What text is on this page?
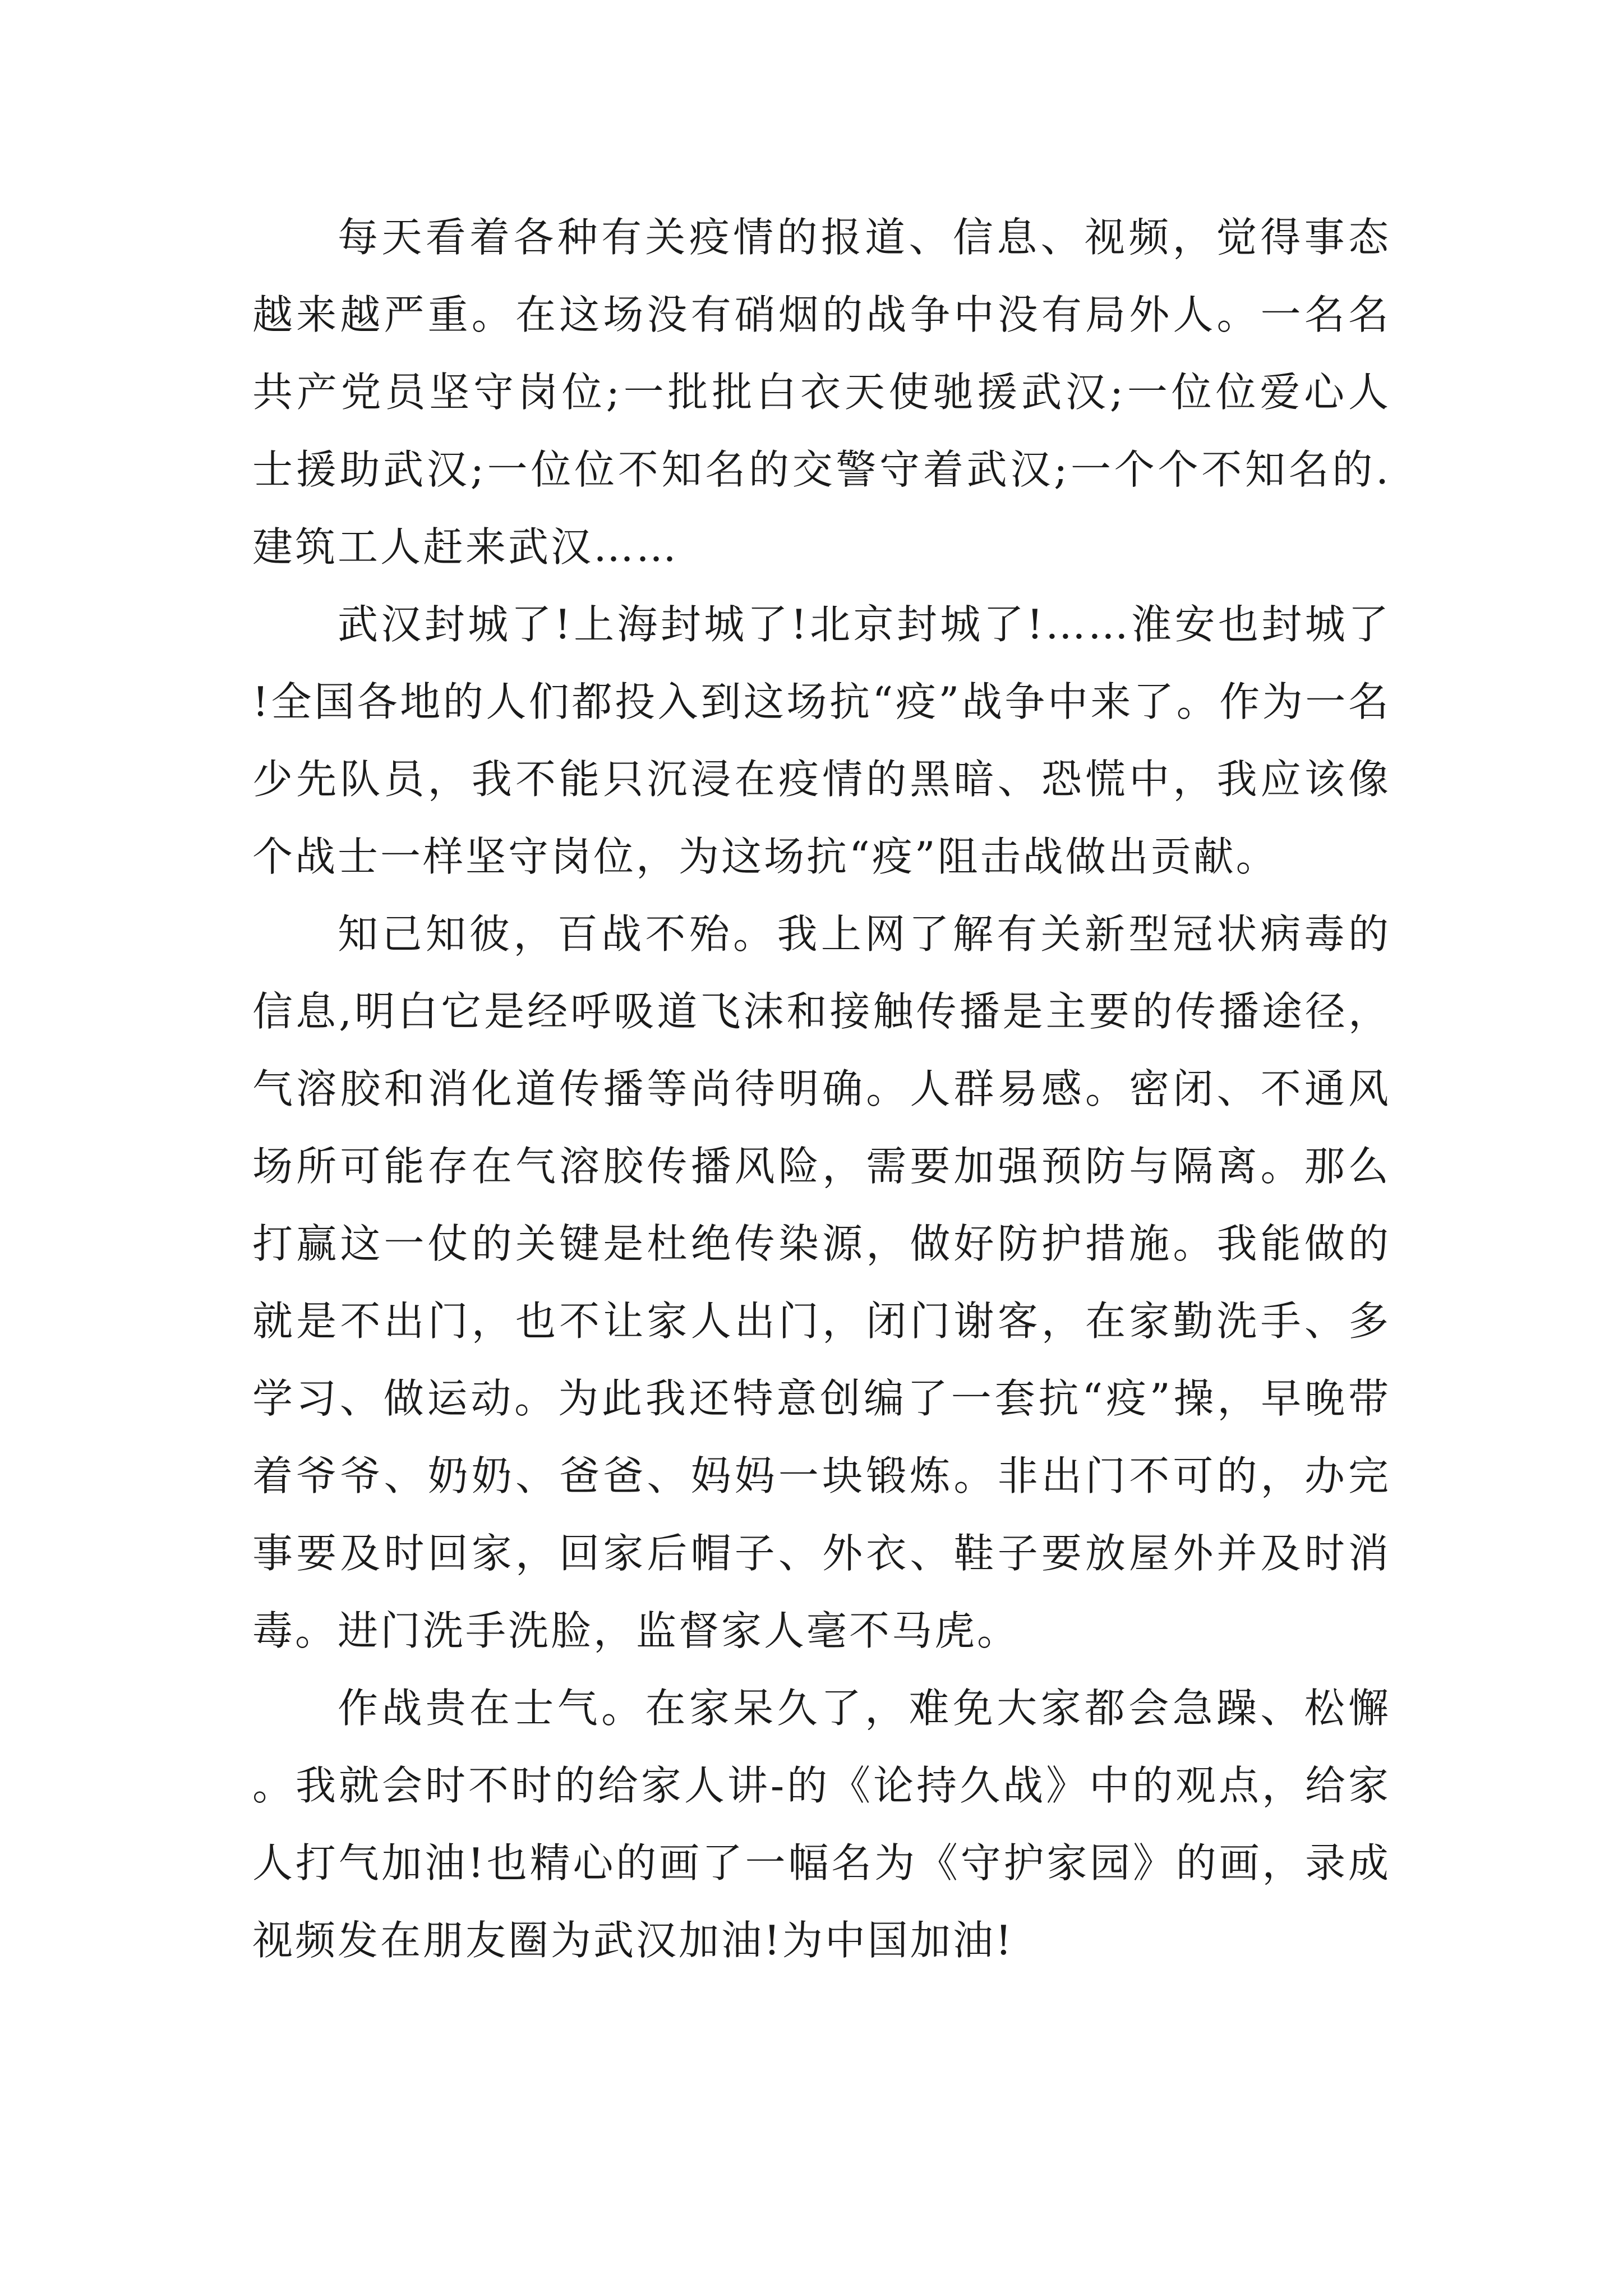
每天看着各种有关疫情的报道、信息、视频，觉得事态越来越严重。在这场没有硝烟的战争中没有局外人。一名名共产党员坚守岗位;一批批白衣天使驰援武汉;一位位爱心人士援助武汉;一位位不知名的交警守着武汉;一个个不知名的.建筑工人赶来武汉……

武汉封城了!上海封城了!北京封城了!……淮安也封城了!全国各地的人们都投入到这场抗“疫”战争中来了。作为一名少先队员，我不能只沉浸在疫情的黑暗、恐慌中，我应该像个战士一样坚守岗位，为这场抗“疫”阻击战做出贡献。

知己知彼，百战不殆。我上网了解有关新型冠状病毒的信息,明白它是经呼吸道飞沫和接触传播是主要的传播途径，气溶胶和消化道传播等尚待明确。人群易感。密闭、不通风场所可能存在气溶胶传播风险，需要加强预防与隔离。那么打赢这一仗的关键是杜绝传染源，做好防护措施。我能做的就是不出门，也不让家人出门，闭门谢客，在家勤洗手、多学习、做运动。为此我还特意创编了一套抗“疫”操，早晚带着爷爷、奶奶、爸爸、妈妈一块锻炼。非出门不可的，办完事要及时回家，回家后帽子、外衣、鞋子要放屋外并及时消毒。进门洗手洗脸，监督家人毫不马虎。

作战贵在士气。在家呆久了，难免大家都会急躁、松懈。我就会时不时的给家人讲-的《论持久战》中的观点，给家人打气加油!也精心的画了一幅名为《守护家园》的画，录成视频发在朋友圈为武汉加油!为中国加油!
